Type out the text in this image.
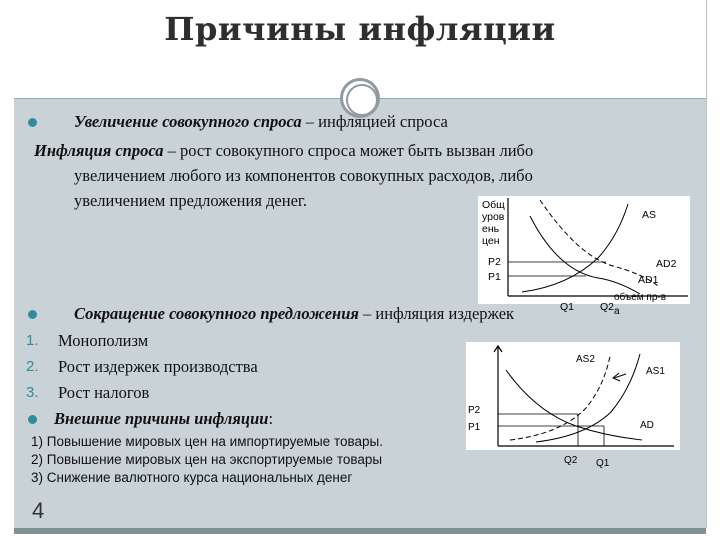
Причины инфляции
Увеличение совокупного спроса – инфляцией спроса
Инфляция спроса – рост совокупного спроса может быть вызван либо
увеличением любого из компонентов совокупных расходов, либо
увеличением предложения денег.	Общ
уров
ень
цен
P2
P1
AS
AD2
AD1
Q1 Q2
объем пр-в
а
Сокращение совокупного предложения – инфляция издержек
1. Монополизм
2. Рост издержек производства
3. Рост налогов
P2
P1
AS2
AS1
AD
Q2 Q1
Внешние причины инфляции:
1) Повышение мировых цен на импортируемые товары.
2) Повышение мировых цен на экспортируемые товары
3) Снижение валютного курса национальных денег
4
